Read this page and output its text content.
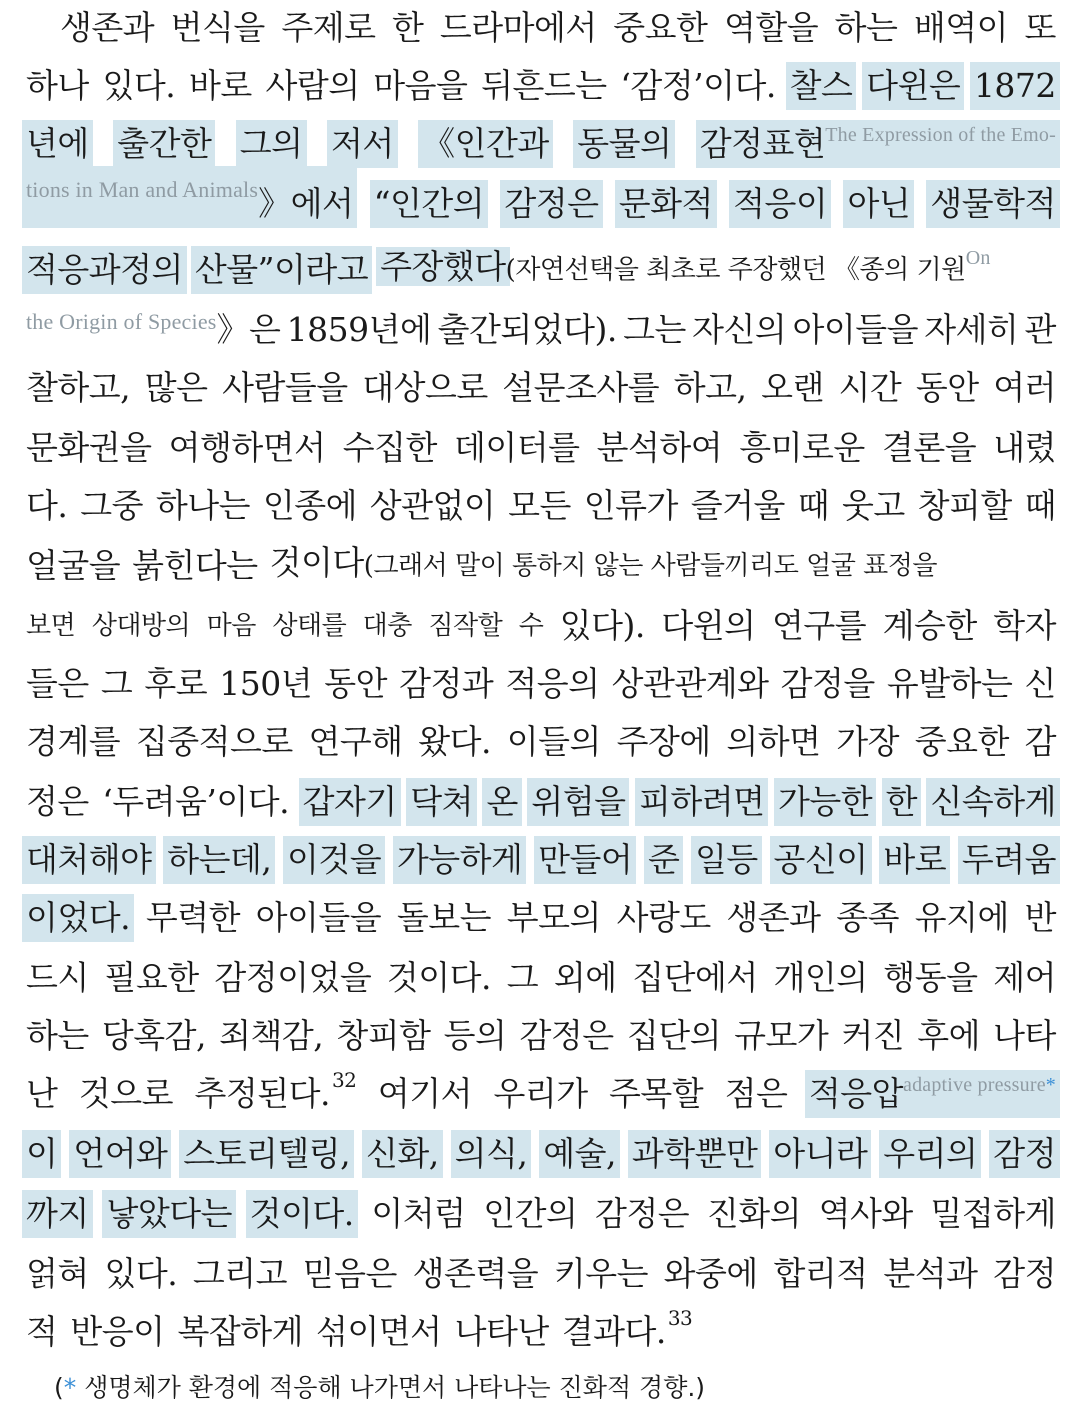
생존과 번식을 주제로 한 드라마에서 중요한 역할을 하는 배역이 또
하나 있다. 바로 사람의 마음을 뒤흔드는 ‘감정’이다. 찰스 다윈은 1872
년에 출간한 그의 저서 《인간과 동물의 감정표현$^{The Expression of the Emo-}$
$^{tions in Man and Animals}$》에서 “인간의 감정은 문화적 적응이 아닌 생물학적
적응과정의 산물”이라고 주장했다(자연선택을 최초로 주장했던 《종의 기원$^{On}$
$^{the Origin of Species}$》은 1859년에 출간되었다). 그는 자신의 아이들을 자세히 관
찰하고, 많은 사람들을 대상으로 설문조사를 하고, 오랜 시간 동안 여러
문화권을 여행하면서 수집한 데이터를 분석하여 흥미로운 결론을 내렸
다. 그중 하나는 인종에 상관없이 모든 인류가 즐거울 때 웃고 창피할 때
얼굴을 붉힌다는 것이다(그래서 말이 통하지 않는 사람들끼리도 얼굴 표정을
보면 상대방의 마음 상태를 대충 짐작할 수 있다). 다윈의 연구를 계승한 학자
들은 그 후로 150년 동안 감정과 적응의 상관관계와 감정을 유발하는 신
경계를 집중적으로 연구해 왔다. 이들의 주장에 의하면 가장 중요한 감
정은 ‘두려움’이다. 갑자기 닥쳐 온 위험을 피하려면 가능한 한 신속하게
대처해야 하는데, 이것을 가능하게 만들어 준 일등 공신이 바로 두려움
이었다. 무력한 아이들을 돌보는 부모의 사랑도 생존과 종족 유지에 반
드시 필요한 감정이었을 것이다. 그 외에 집단에서 개인의 행동을 제어
하는 당혹감, 죄책감, 창피함 등의 감정은 집단의 규모가 커진 후에 나타
난 것으로 추정된다. $^{32}$ 여기서 우리가 주목할 점은 적응압$^{adaptive pressure*}$
이 언어와 스토리텔링, 신화, 의식, 예술, 과학뿐만 아니라 우리의 감정
까지 낳았다는 것이다. 이처럼 인간의 감정은 진화의 역사와 밀접하게
얽혀 있다. 그리고 믿음은 생존력을 키우는 와중에 합리적 분석과 감정
적 반응이 복잡하게 섞이면서 나타난 결과다. $^{33}$
(* 생명체가 환경에 적응해 나가면서 나타나는 진화적 경향.)
